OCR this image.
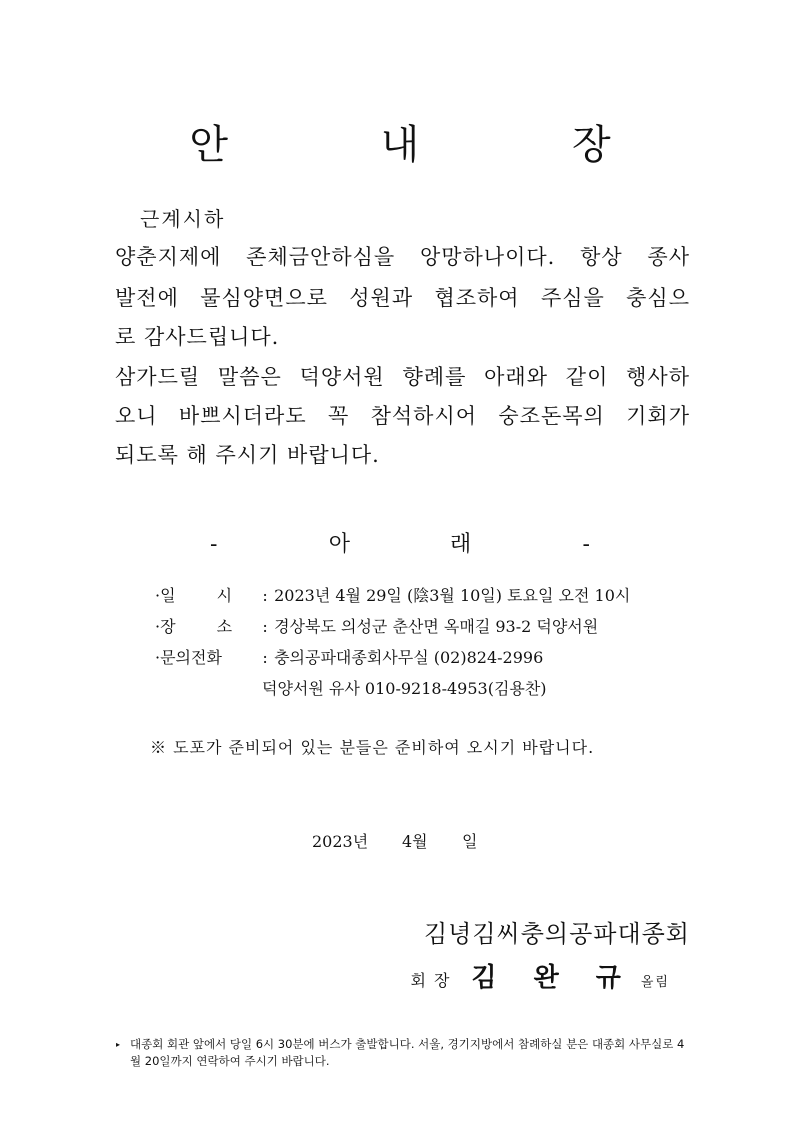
안 내 장
근계시하
양춘지제에 존체금안하심을 앙망하나이다. 항상 종사
발전에 물심양면으로 성원과 협조하여 주심을 충심으
로 감사드립니다.
삼가드릴 말씀은 덕양서원 향례를 아래와 같이 행사하
오니 바쁘시더라도 꼭 참석하시어 숭조돈목의 기회가
되도록 해 주시기 바랍니다.
-	아	래	-
·일 시 : 2023년 4월 29일 (陰3월 10일) 토요일 오전 10시
·장 소 : 경상북도 의성군 춘산면 옥매길 93-2 덕양서원
·문의전화	: 충의공파대종회사무실 (02)824-2996
덕양서원 유사 010-9218-4953(김용찬)
※ 도포가 준비되어 있는 분들은 준비하여 오시기 바랍니다.
2023년 4월 일
김녕김씨충의공파대종회
회장 김 완 규 올림
▸ 대종회 회관 앞에서 당일 6시 30분에 버스가 출발합니다. 서울, 경기지방에서 참례하실 분은 대종회 사무실로 4월 20일까지 연락하여 주시기 바랍니다.
